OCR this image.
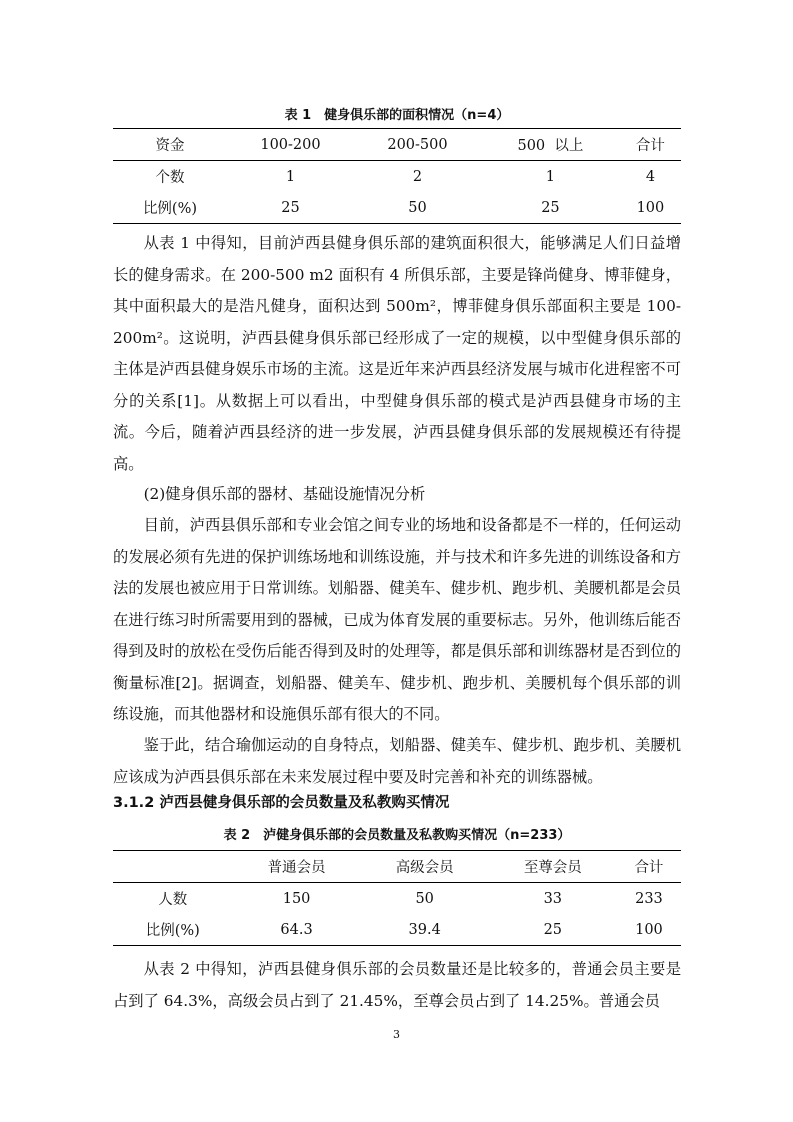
表 1　健身俱乐部的面积情况（n=4）
资金	100-200	200-500	500  以上	合计
个数	1	2	1	4
比例(%)	25	50	25	100
从表 1 中得知，目前泸西县健身俱乐部的建筑面积很大，能够满足人们日益增长的健身需求。在 200-500 m2 面积有 4 所俱乐部，主要是锋尚健身、博菲健身，其中面积最大的是浩凡健身，面积达到 500m²，博菲健身俱乐部面积主要是 100-200m²。这说明，泸西县健身俱乐部已经形成了一定的规模，以中型健身俱乐部的主体是泸西县健身娱乐市场的主流。这是近年来泸西县经济发展与城市化进程密不可分的关系[1]。从数据上可以看出，中型健身俱乐部的模式是泸西县健身市场的主流。今后，随着泸西县经济的进一步发展，泸西县健身俱乐部的发展规模还有待提高。
(2)健身俱乐部的器材、基础设施情况分析
目前，泸西县俱乐部和专业会馆之间专业的场地和设备都是不一样的，任何运动的发展必须有先进的保护训练场地和训练设施，并与技术和许多先进的训练设备和方法的发展也被应用于日常训练。划船器、健美车、健步机、跑步机、美腰机都是会员在进行练习时所需要用到的器械，已成为体育发展的重要标志。另外，他训练后能否得到及时的放松在受伤后能否得到及时的处理等，都是俱乐部和训练器材是否到位的衡量标准[2]。据调查，划船器、健美车、健步机、跑步机、美腰机每个俱乐部的训练设施，而其他器材和设施俱乐部有很大的不同。
鉴于此，结合瑜伽运动的自身特点，划船器、健美车、健步机、跑步机、美腰机应该成为泸西县俱乐部在未来发展过程中要及时完善和补充的训练器械。
3.1.2 泸西县健身俱乐部的会员数量及私教购买情况
表 2　泸健身俱乐部的会员数量及私教购买情况（n=233）
	普通会员	高级会员	至尊会员	合计
人数	150	50	33	233
比例(%)	64.3	39.4	25	100
从表 2 中得知，泸西县健身俱乐部的会员数量还是比较多的，普通会员主要是占到了 64.3%，高级会员占到了 21.45%，至尊会员占到了 14.25%。普通会员
3
